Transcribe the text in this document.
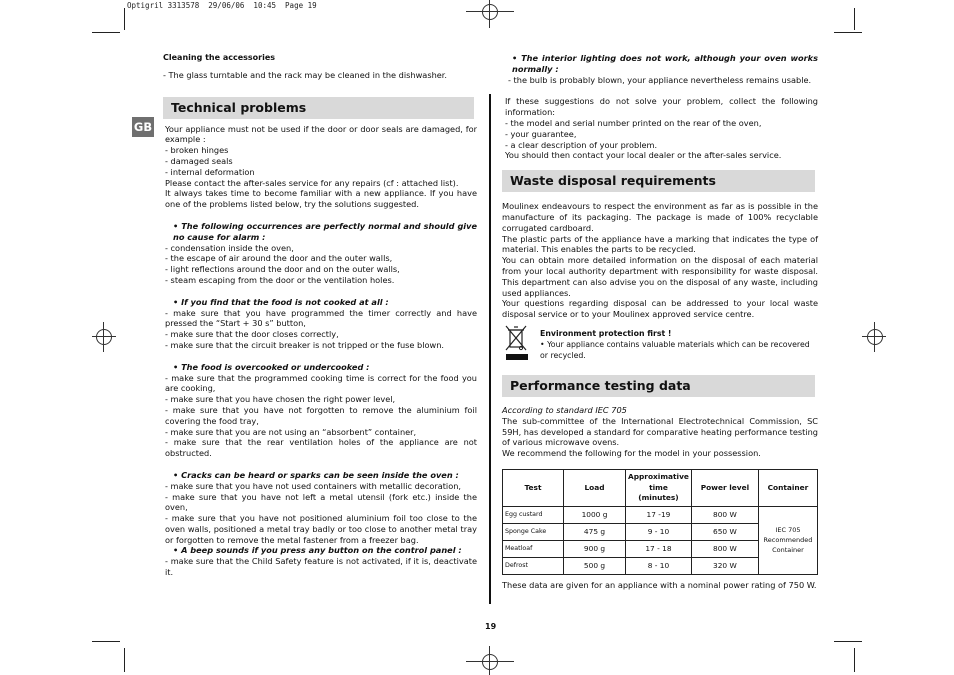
Optigril 3313578  29/06/06  10:45  Page 19
GB

Cleaning the accessories

- The glass turntable and the rack may be cleaned in the dishwasher.

Technical problems

Your appliance must not be used if the door or door seals are damaged, for example :

- broken hinges

- damaged seals

- internal deformation

Please contact the after-sales service for any repairs (cf : attached list).

It always takes time to become familiar with a new appliance. If you have one of the problems listed below, try the solutions suggested.

• The following occurrences are perfectly normal and should give no cause for alarm :

- condensation inside the oven,

- the escape of air around the door and the outer walls,

- light reflections around the door and on the outer walls,

- steam escaping from the door or the ventilation holes.

• If you find that the food is not cooked at all :

- make sure that you have programmed the timer correctly and have pressed the “Start + 30 s” button,

- make sure that the door closes correctly,

- make sure that the circuit breaker is not tripped or the fuse blown.

• The food is overcooked or undercooked :

- make sure that the programmed cooking time is correct for the food you are cooking,

- make sure that you have chosen the right power level,

- make sure that you have not forgotten to remove the aluminium foil covering the food tray,

- make sure that you are not using an “absorbent” container,

- make sure that the rear ventilation holes of the appliance are not obstructed.

• Cracks can be heard or sparks can be seen inside the oven :

- make sure that you have not used containers with metallic decoration,

- make sure that you have not left a metal utensil (fork etc.) inside the oven,

- make sure that you have not positioned aluminium foil too close to the oven walls, positioned a metal tray badly or too close to another metal tray or forgotten to remove the metal fastener from a freezer bag.

• A beep sounds if you press any button on the control panel :

- make sure that the Child Safety feature is not activated, if it is, deactivate it.

• The interior lighting does not work, although your oven works normally :

- the bulb is probably blown, your appliance nevertheless remains usable.

If these suggestions do not solve your problem, collect the following information:

- the model and serial number printed on the rear of the oven,

- your guarantee,

- a clear description of your problem.

You should then contact your local dealer or the after-sales service.

Waste disposal requirements

Moulinex endeavours to respect the environment as far as is possible in the manufacture of its packaging. The package is made of 100% recyclable corrugated cardboard.

The plastic parts of the appliance have a marking that indicates the type of material. This enables the parts to be recycled.

You can obtain more detailed information on the disposal of each material from your local authority department with responsibility for waste disposal. This department can also advise you on the disposal of any waste, including used appliances.

Your questions regarding disposal can be addressed to your local waste disposal service or to your Moulinex approved service centre.

Environment protection first !

• Your appliance contains valuable materials which can be recovered or recycled.

Performance testing data

According to standard IEC 705

The sub-committee of the International Electrotechnical Commission, SC 59H, has developed a standard for comparative heating performance testing of various microwave ovens.

We recommend the following for the model in your possession.

Test	Load	Approximative
time
(minutes)	Power level	Container
Egg custard	1000 g	17 -19	800 W	IEC 705
Recommended
Container
Sponge Cake	475 g	9 - 10	650 W	
Meatloaf	900 g	17 - 18	800 W	
Defrost	500 g	8 - 10	320 W	

These data are given for an appliance with a nominal power rating of 750 W.

19
